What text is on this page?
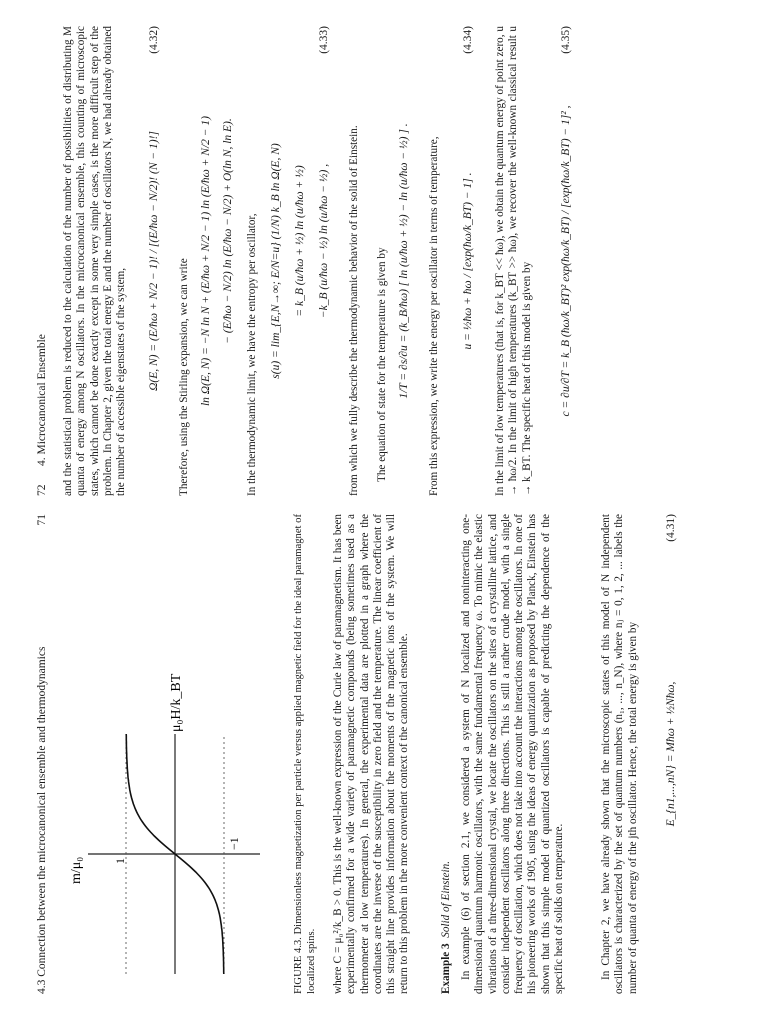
4.3 Connection between the microcanonical ensemble and thermodynamics
71
m/μ₀
μ₀H/k_BT
1
−1	FIGURE 4.3. Dimensionless magnetization per particle versus applied magnetic field for the ideal paramagnet of localized spins. where C = μ₀²/k_B > 0. This is the well-known expression of the Curie law of paramagnetism. It has been experimentally confirmed for a wide variety of paramagnetic compounds (being sometimes used as a thermometer at low temperatures). In general, the experimental data are plotted in a graph where the coordinates are the inverse of the susceptibility in zero field and the temperature. The linear coefficient of this straight line provides information about the moments of the magnetic ions of the system. We will return to this problem in the more convenient context of the canonical ensemble.	Example 3  Solid of Einstein. In example (6) of section 2.1, we considered a system of N localized and noninteracting one-dimensional quantum harmonic oscillators, with the same fundamental frequency ω. To mimic the elastic vibrations of a three-dimensional crystal, we locate the oscillators on the sites of a crystalline lattice, and consider independent oscillators along three directions. This is still a rather crude model, with a single frequency of oscillation, which does not take into account the interactions among the oscillators. In one of his pioneering works of 1905, using the ideas of energy quantization as proposed by Planck, Einstein has shown that this simple model of quantized oscillators is capable of predicting the dependence of the specific heat of solids on temperature.	In Chapter 2, we have already shown that the microscopic states of this model of N independent oscillators is characterized by the set of quantum numbers (n₁, ..., n_N), where nⱼ = 0, 1, 2, ... labels the number of quanta of energy of the jth oscillator. Hence, the total energy is given by E_{n1,...,nN} = Mħω + ½Nħω,
(4.31)
72
4. Microcanonical Ensemble and the statistical problem is reduced to the calculation of the number of possibilities of distributing M quanta of energy among N oscillators. In the microcanonical ensemble, this counting of microscopic states, which cannot be done exactly except in some very simple cases, is the more difficult step of the problem. In Chapter 2, given the total energy E and the number of oscillators N, we had already obtained the number of accessible eigenstates of the system, Ω(E, N) = (E/ħω + N/2 − 1)! / [(E/ħω − N/2)! (N − 1)!]
(4.32)

Therefore, using the Stirling expansion, we can write ln Ω(E, N) = −N ln N + (E/ħω + N/2 − 1) ln (E/ħω + N/2 − 1) − (E/ħω − N/2) ln (E/ħω − N/2) + O(ln N, ln E). In the thermodynamic limit, we have the entropy per oscillator, s(u) = lim_{E,N→∞; E/N=u} (1/N) k_B ln Ω(E, N) = k_B (u/ħω + ½) ln (u/ħω + ½) −k_B (u/ħω − ½) ln (u/ħω − ½) ,
(4.33)

from which we fully describe the thermodynamic behavior of the solid of Einstein. The equation of state for the temperature is given by 1/T = ∂s/∂u = (k_B/ħω) [ ln (u/ħω + ½) − ln (u/ħω − ½) ] . From this expression, we write the energy per oscillator in terms of temperature, u = ½ħω + ħω / [exp(ħω/k_BT) − 1] .
(4.34) In the limit of low temperatures (that is, for k_BT << ħω), we obtain the quantum energy of point zero, u → ħω/2. In the limit of high temperatures (k_BT >> ħω), we recover the well-known classical result u → k_BT. The specific heat of this model is given by c = ∂u/∂T = k_B (ħω/k_BT)² exp(ħω/k_BT) / [exp(ħω/k_BT) − 1]² ,
(4.35)
